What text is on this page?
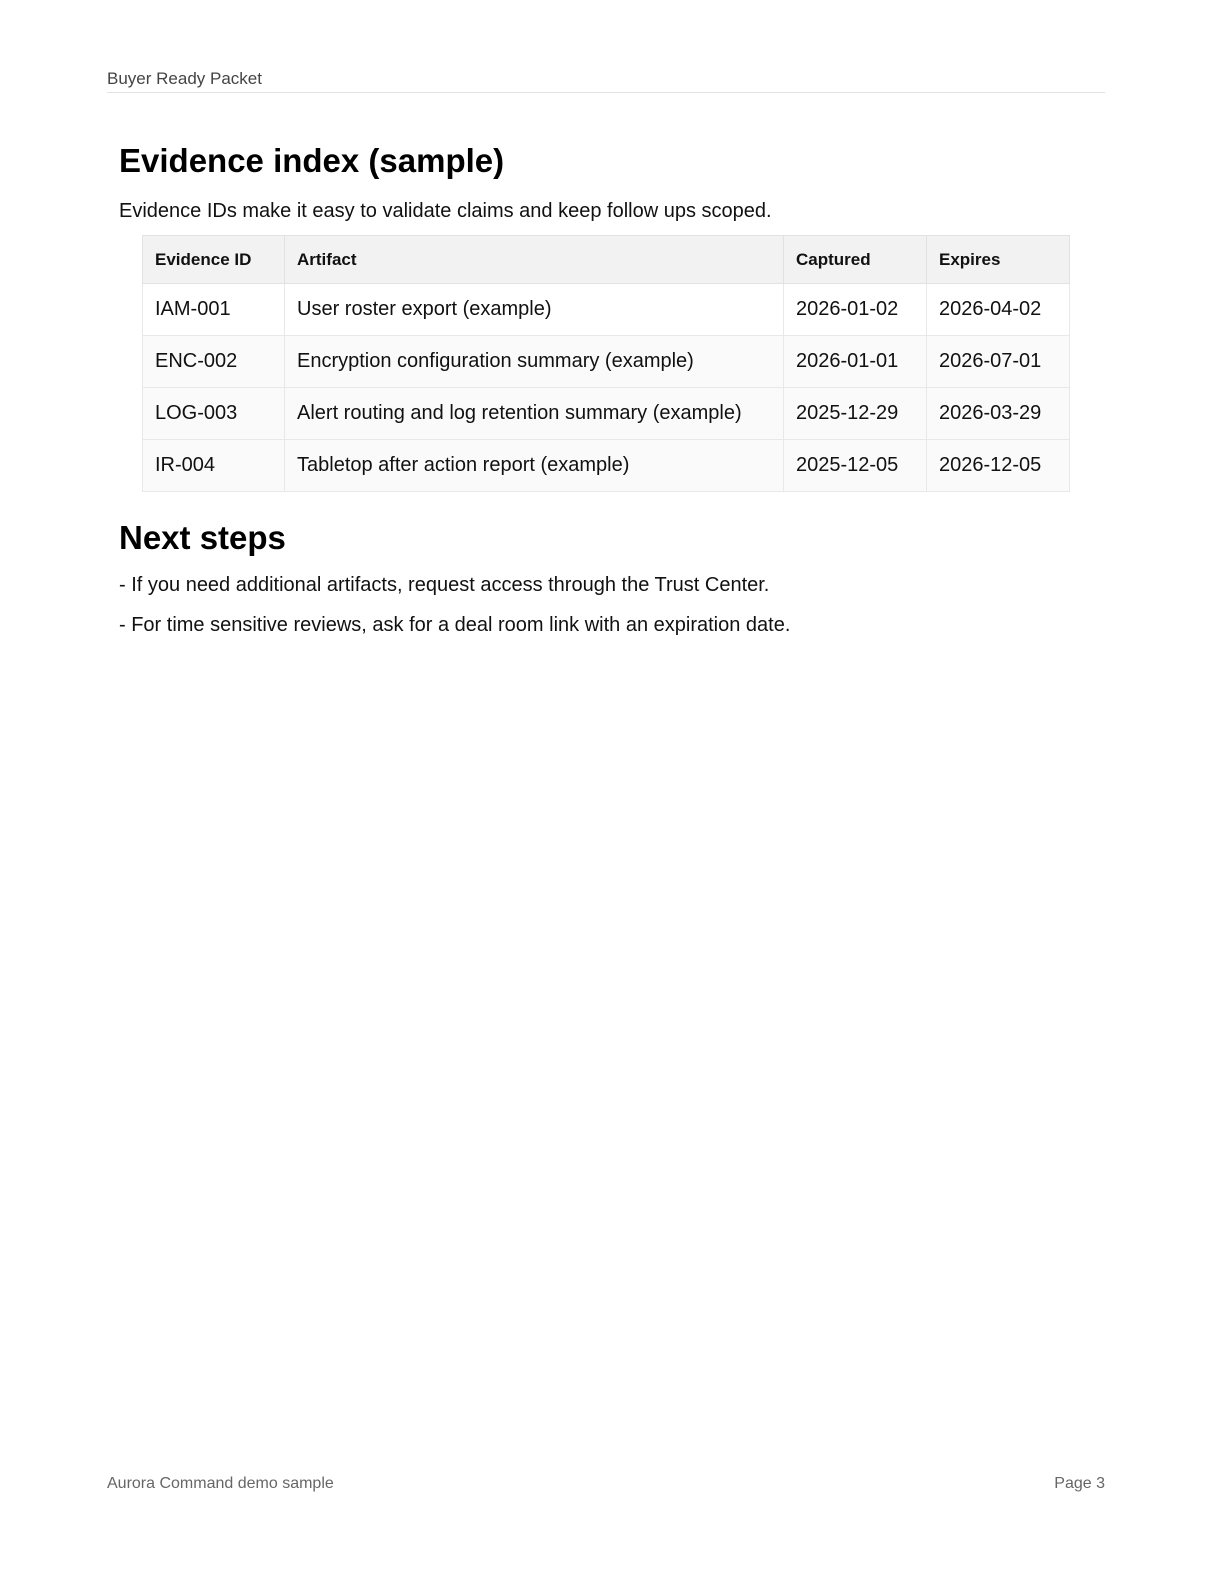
Buyer Ready Packet
Evidence index (sample)

Evidence IDs make it easy to validate claims and keep follow ups scoped.

Evidence ID	Artifact	Captured	Expires
IAM-001	User roster export (example)	2026-01-02	2026-04-02
ENC-002	Encryption configuration summary (example)	2026-01-01	2026-07-01
LOG-003	Alert routing and log retention summary (example)	2025-12-29	2026-03-29
IR-004	Tabletop after action report (example)	2025-12-05	2026-12-05
Next steps
- If you need additional artifacts, request access through the Trust Center.
- For time sensitive reviews, ask for a deal room link with an expiration date.
Aurora Command demo sample	Page 3
